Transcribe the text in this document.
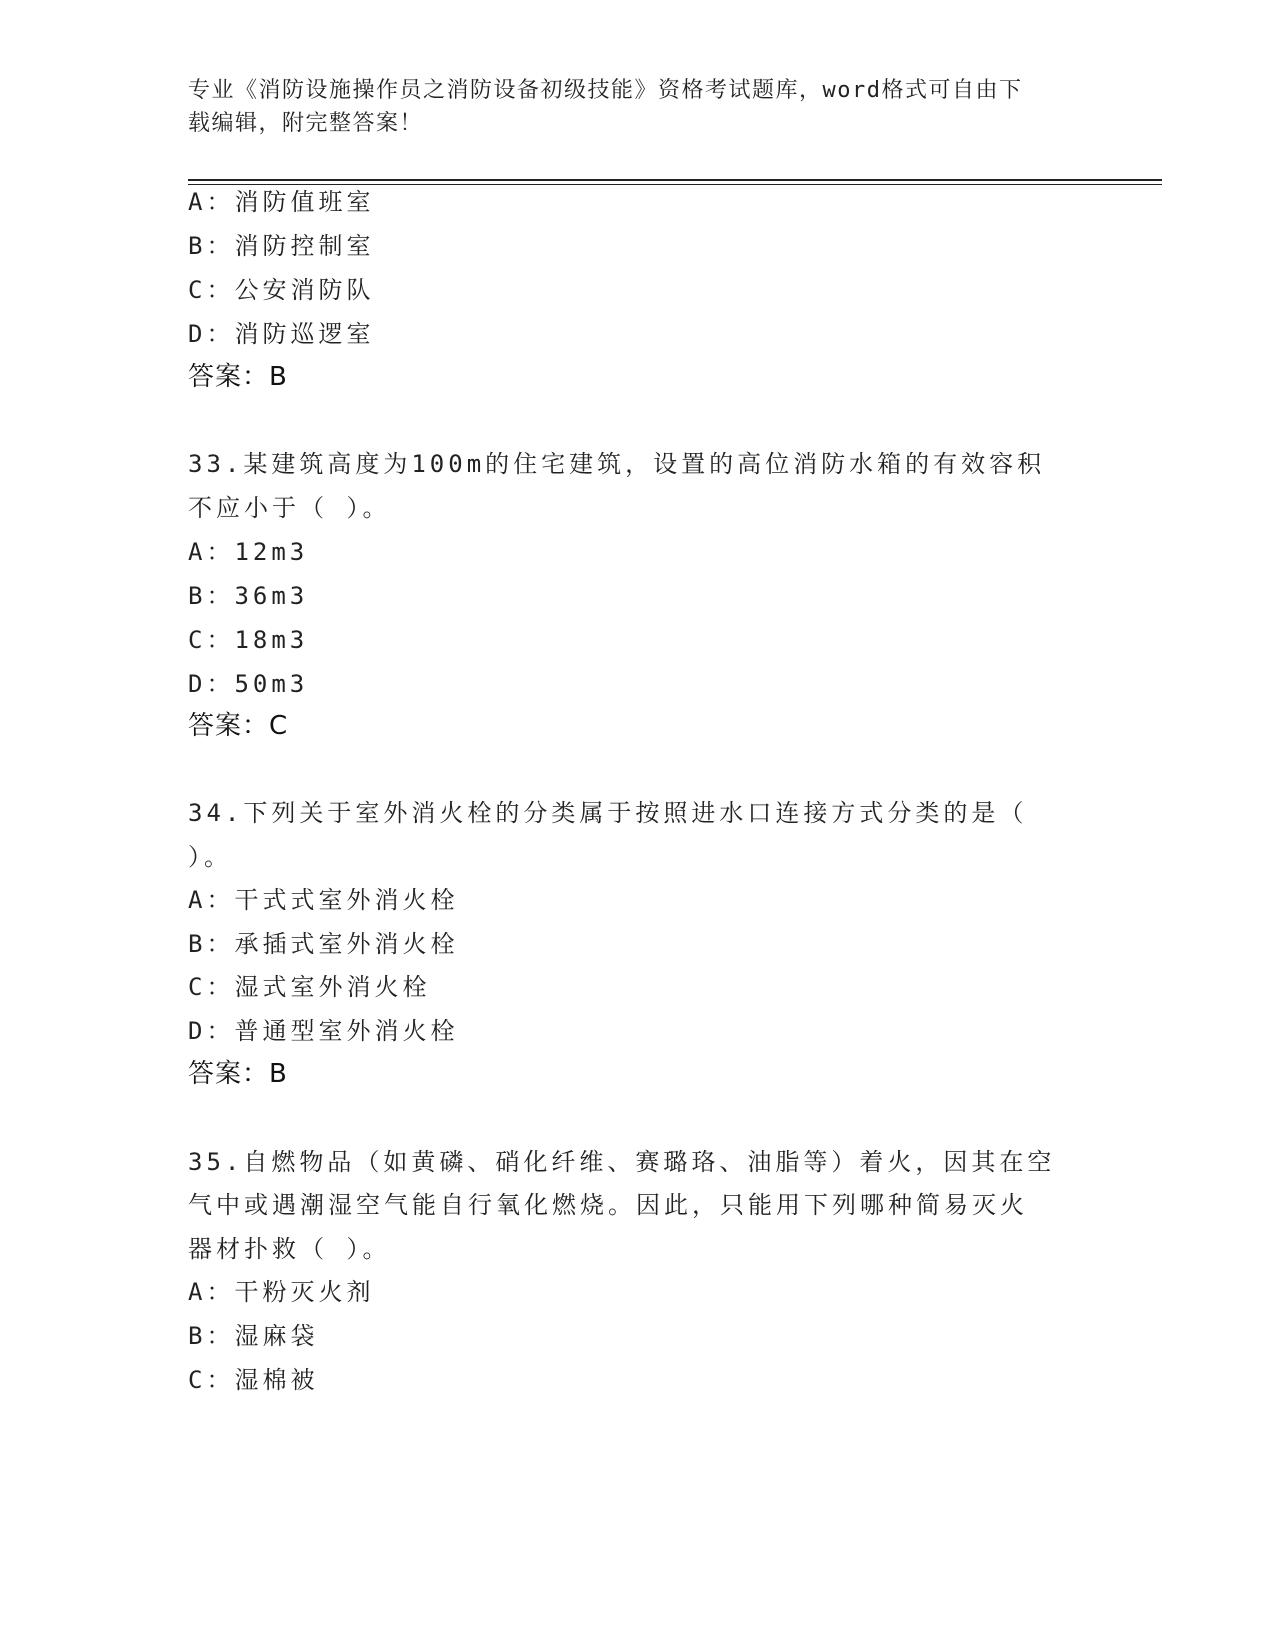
专业《消防设施操作员之消防设备初级技能》资格考试题库，word格式可自由下
载编辑，附完整答案！
A：消防值班室
B：消防控制室
C：公安消防队
D：消防巡逻室
答案：B
33.某建筑高度为100m的住宅建筑，设置的高位消防水箱的有效容积
不应小于（ ）。
A：12m3
B：36m3
C：18m3
D：50m3
答案：C
34.下列关于室外消火栓的分类属于按照进水口连接方式分类的是（
）。
A：干式式室外消火栓
B：承插式室外消火栓
C：湿式室外消火栓
D：普通型室外消火栓
答案：B
35.自燃物品（如黄磷、硝化纤维、赛璐珞、油脂等）着火，因其在空
气中或遇潮湿空气能自行氧化燃烧。因此，只能用下列哪种简易灭火
器材扑救（ ）。
A：干粉灭火剂
B：湿麻袋
C：湿棉被
